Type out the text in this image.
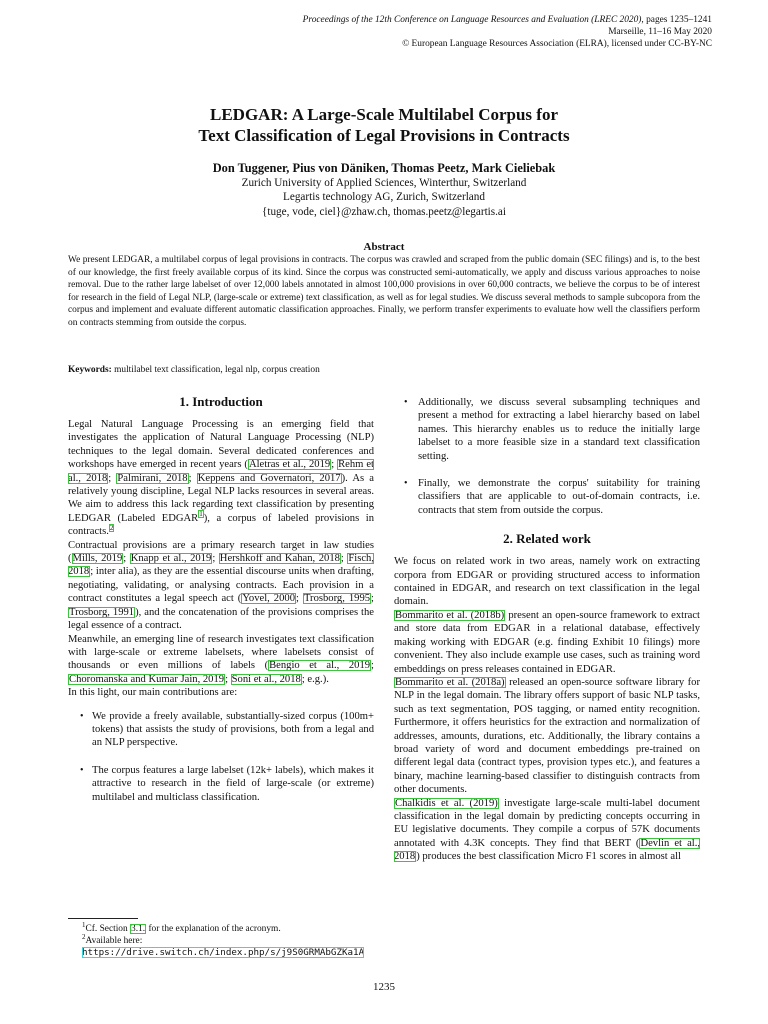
Proceedings of the 12th Conference on Language Resources and Evaluation (LREC 2020), pages 1235–1241
Marseille, 11–16 May 2020
© European Language Resources Association (ELRA), licensed under CC-BY-NC
LEDGAR: A Large-Scale Multilabel Corpus for
Text Classification of Legal Provisions in Contracts
Don Tuggener, Pius von Däniken, Thomas Peetz, Mark Cieliebak
Zurich University of Applied Sciences, Winterthur, Switzerland
Legartis technology AG, Zurich, Switzerland
{tuge, vode, ciel}@zhaw.ch, thomas.peetz@legartis.ai
Abstract
We present LEDGAR, a multilabel corpus of legal provisions in contracts. The corpus was crawled and scraped from the public domain (SEC filings) and is, to the best of our knowledge, the first freely available corpus of its kind. Since the corpus was constructed semi-automatically, we apply and discuss various approaches to noise removal. Due to the rather large labelset of over 12,000 labels annotated in almost 100,000 provisions in over 60,000 contracts, we believe the corpus to be of interest for research in the field of Legal NLP, (large-scale or extreme) text classification, as well as for legal studies. We discuss several methods to sample subcopora from the corpus and implement and evaluate different automatic classification approaches. Finally, we perform transfer experiments to evaluate how well the classifiers perform on contracts stemming from outside the corpus.
Keywords: multilabel text classification, legal nlp, corpus creation
1. Introduction

Legal Natural Language Processing is an emerging field that investigates the application of Natural Language Processing (NLP) techniques to the legal domain. Several dedicated conferences and workshops have emerged in recent years (Aletras et al., 2019; Rehm et al., 2018; Palmirani, 2018; Keppens and Governatori, 2017). As a relatively young discipline, Legal NLP lacks resources in several areas. We aim to address this lack regarding text classification by presenting LEDGAR (Labeled EDGAR$^1$), a corpus of labeled provisions in contracts.$^2$

Contractual provisions are a primary research target in law studies (Mills, 2019; Knapp et al., 2019; Hershkoff and Kahan, 2018; Fisch, 2018; inter alia), as they are the essential discourse units when drafting, negotiating, validating, or analysing contracts. Each provision in a contract constitutes a legal speech act (Yovel, 2000; Trosborg, 1995; Trosborg, 1991), and the concatenation of the provisions comprises the legal essence of a contract.

Meanwhile, an emerging line of research investigates text classification with large-scale or extreme labelsets, where labelsets consist of thousands or even millions of labels (Bengio et al., 2019; Choromanska and Kumar Jain, 2019; Soni et al., 2018; e.g.).

In this light, our main contributions are:

• We provide a freely available, substantially-sized corpus (100m+ tokens) that assists the study of provisions, both from a legal and an NLP perspective.
• The corpus features a large labelset (12k+ labels), which makes it attractive to research in the field of large-scale (or extreme) multilabel and multiclass classification.
• Additionally, we discuss several subsampling techniques and present a method for extracting a label hierarchy based on label names. This hierarchy enables us to reduce the initially large labelset to a more feasible size in a standard text classification setting.
• Finally, we demonstrate the corpus' suitability for training classifiers that are applicable to out-of-domain contracts, i.e. contracts that stem from outside the corpus.
2. Related work

We focus on related work in two areas, namely work on extracting corpora from EDGAR or providing structured access to information contained in EDGAR, and research on text classification in the legal domain.

Bommarito et al. (2018b) present an open-source framework to extract and store data from EDGAR in a relational database, effectively making working with EDGAR (e.g. finding Exhibit 10 filings) more convenient. They also include example use cases, such as training word embeddings on press releases contained in EDGAR.

Bommarito et al. (2018a) released an open-source software library for NLP in the legal domain. The library offers support of basic NLP tasks, such as text segmentation, POS tagging, or named entity recognition. Furthermore, it offers heuristics for the extraction and normalization of addresses, amounts, durations, etc. Additionally, the library contains a broad variety of word and document embeddings pre-trained on different legal data (contract types, provision types etc.), and features a binary, machine learning-based classifier to distinguish contracts from other documents.

Chalkidis et al. (2019) investigate large-scale multi-label document classification in the legal domain by predicting concepts occurring in EU legislative documents. They compile a corpus of 57K documents annotated with 4.3K concepts. They find that BERT (Devlin et al., 2018) produces the best classification Micro F1 scores in almost all

$^1$Cf. Section 3.1. for the explanation of the acronym.
$^2$Available here: https://drive.switch.ch/index.php/s/j9S0GRMAbGZKa1A
1235
